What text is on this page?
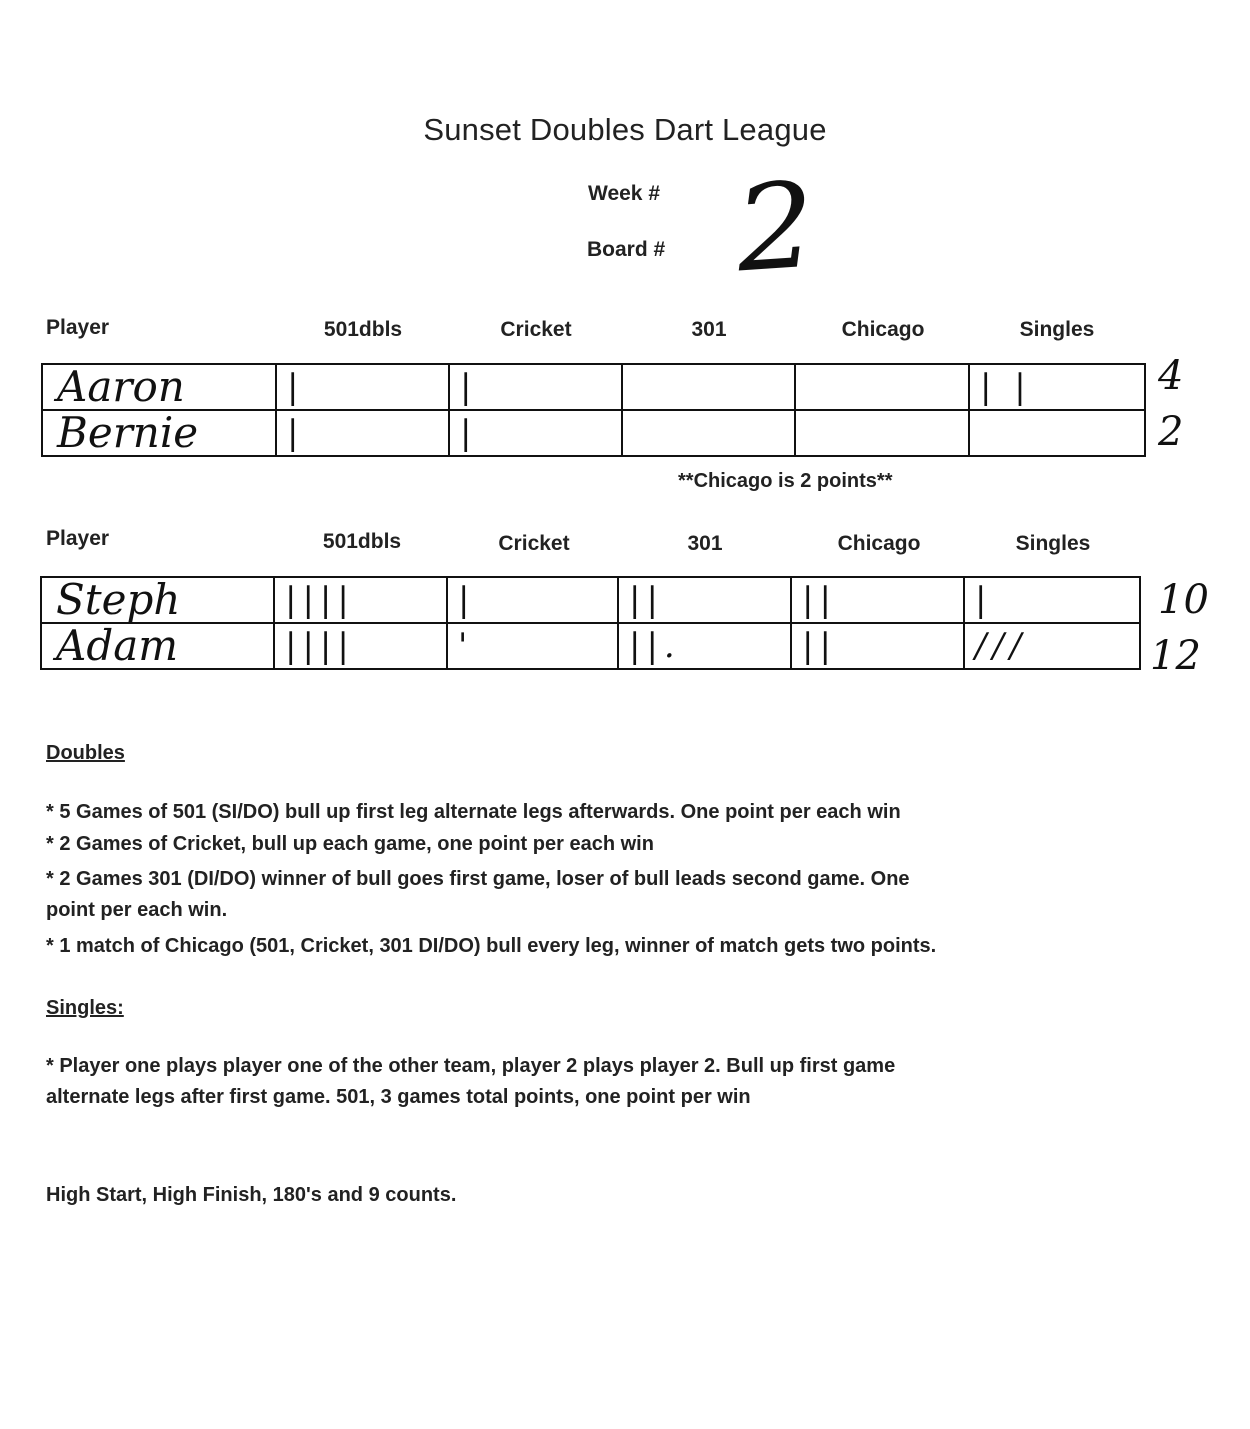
Sunset Doubles Dart League
Week #
Board # 2
Player	501dbls	Cricket	301	Chicago	Singles
Aaron	|	|			| |
Bernie	|	|			
4
2
**Chicago is 2 points**
Player	501dbls	Cricket	301	Chicago	Singles
Steph	||||	|	||	||	|
Adam	||||	'	||.	||	///
10
12
Doubles
* 5 Games of 501 (SI/DO) bull up first leg alternate legs afterwards. One point per each win
* 2 Games of Cricket, bull up each game, one point per each win
* 2 Games 301 (DI/DO) winner of bull goes first game, loser of bull leads second game. One point per each win.
* 1 match of Chicago (501, Cricket, 301 DI/DO) bull every leg, winner of match gets two points.
Singles:
* Player one plays player one of the other team, player 2 plays player 2. Bull up first game alternate legs after first game. 501, 3 games total points, one point per win
High Start, High Finish, 180's and 9 counts.
